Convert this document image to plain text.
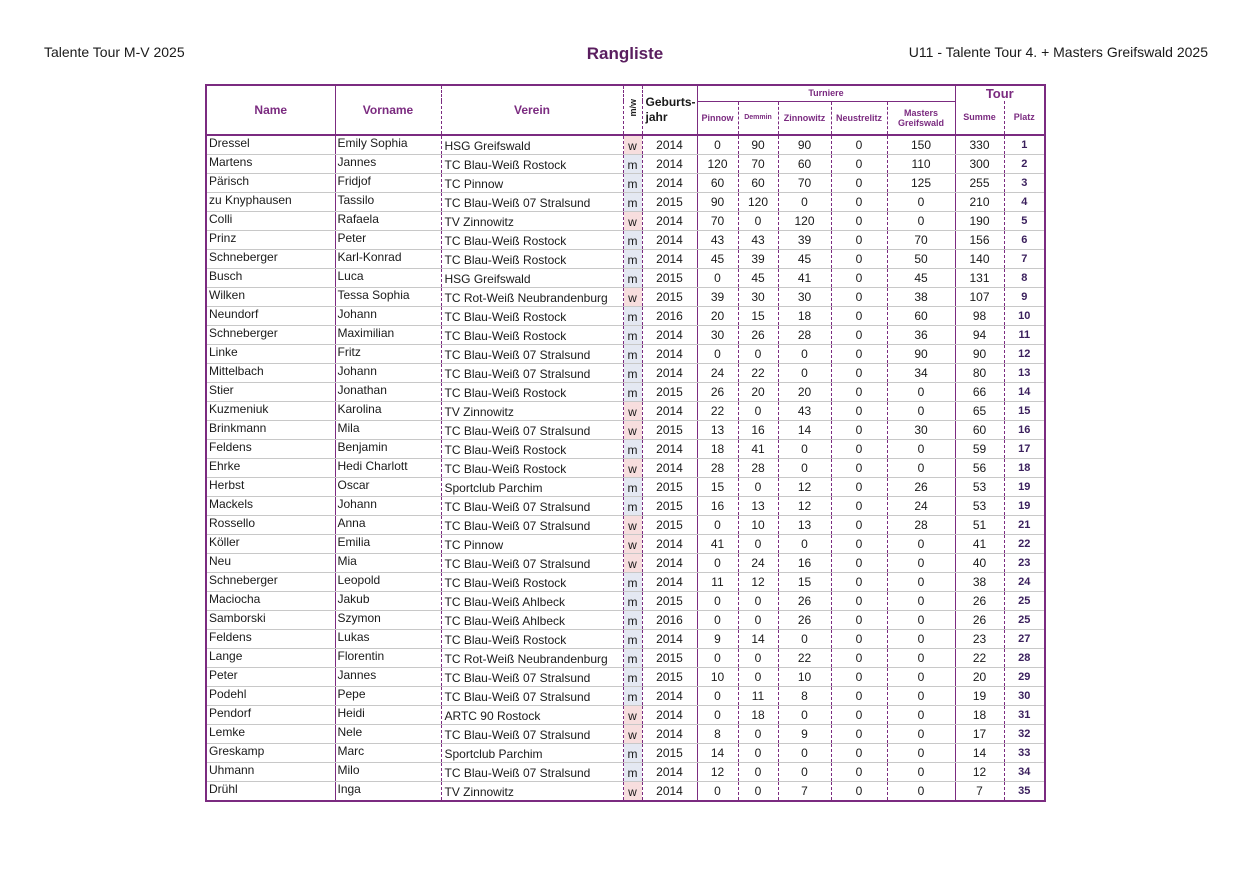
Talente Tour M-V 2025	Rangliste	U11 - Talente Tour 4. + Masters Greifswald 2025
Name	Vorname	Verein	m/w	Geburts-
jahr	Turniere					Tour	
					Pinnow	Demmin	Zinnowitz	Neustrelitz	Masters
Greifswald	Summe	Platz
Dressel	Emily Sophia	HSG Greifswald	w	2014	0	90	90	0	150	330	1
Martens	Jannes	TC Blau-Weiß Rostock	m	2014	120	70	60	0	110	300	2
Pärisch	Fridjof	TC Pinnow	m	2014	60	60	70	0	125	255	3
zu Knyphausen	Tassilo	TC Blau-Weiß 07 Stralsund	m	2015	90	120	0	0	0	210	4
Colli	Rafaela	TV Zinnowitz	w	2014	70	0	120	0	0	190	5
Prinz	Peter	TC Blau-Weiß Rostock	m	2014	43	43	39	0	70	156	6
Schneberger	Karl-Konrad	TC Blau-Weiß Rostock	m	2014	45	39	45	0	50	140	7
Busch	Luca	HSG Greifswald	m	2015	0	45	41	0	45	131	8
Wilken	Tessa Sophia	TC Rot-Weiß Neubrandenburg	w	2015	39	30	30	0	38	107	9
Neundorf	Johann	TC Blau-Weiß Rostock	m	2016	20	15	18	0	60	98	10
Schneberger	Maximilian	TC Blau-Weiß Rostock	m	2014	30	26	28	0	36	94	11
Linke	Fritz	TC Blau-Weiß 07 Stralsund	m	2014	0	0	0	0	90	90	12
Mittelbach	Johann	TC Blau-Weiß 07 Stralsund	m	2014	24	22	0	0	34	80	13
Stier	Jonathan	TC Blau-Weiß Rostock	m	2015	26	20	20	0	0	66	14
Kuzmeniuk	Karolina	TV Zinnowitz	w	2014	22	0	43	0	0	65	15
Brinkmann	Mila	TC Blau-Weiß 07 Stralsund	w	2015	13	16	14	0	30	60	16
Feldens	Benjamin	TC Blau-Weiß Rostock	m	2014	18	41	0	0	0	59	17
Ehrke	Hedi Charlott	TC Blau-Weiß Rostock	w	2014	28	28	0	0	0	56	18
Herbst	Oscar	Sportclub Parchim	m	2015	15	0	12	0	26	53	19
Mackels	Johann	TC Blau-Weiß 07 Stralsund	m	2015	16	13	12	0	24	53	19
Rossello	Anna	TC Blau-Weiß 07 Stralsund	w	2015	0	10	13	0	28	51	21
Köller	Emilia	TC Pinnow	w	2014	41	0	0	0	0	41	22
Neu	Mia	TC Blau-Weiß 07 Stralsund	w	2014	0	24	16	0	0	40	23
Schneberger	Leopold	TC Blau-Weiß Rostock	m	2014	11	12	15	0	0	38	24
Maciocha	Jakub	TC Blau-Weiß Ahlbeck	m	2015	0	0	26	0	0	26	25
Samborski	Szymon	TC Blau-Weiß Ahlbeck	m	2016	0	0	26	0	0	26	25
Feldens	Lukas	TC Blau-Weiß Rostock	m	2014	9	14	0	0	0	23	27
Lange	Florentin	TC Rot-Weiß Neubrandenburg	m	2015	0	0	22	0	0	22	28
Peter	Jannes	TC Blau-Weiß 07 Stralsund	m	2015	10	0	10	0	0	20	29
Podehl	Pepe	TC Blau-Weiß 07 Stralsund	m	2014	0	11	8	0	0	19	30
Pendorf	Heidi	ARTC 90 Rostock	w	2014	0	18	0	0	0	18	31
Lemke	Nele	TC Blau-Weiß 07 Stralsund	w	2014	8	0	9	0	0	17	32
Greskamp	Marc	Sportclub Parchim	m	2015	14	0	0	0	0	14	33
Uhmann	Milo	TC Blau-Weiß 07 Stralsund	m	2014	12	0	0	0	0	12	34
Drühl	Inga	TV Zinnowitz	w	2014	0	0	7	0	0	7	35
